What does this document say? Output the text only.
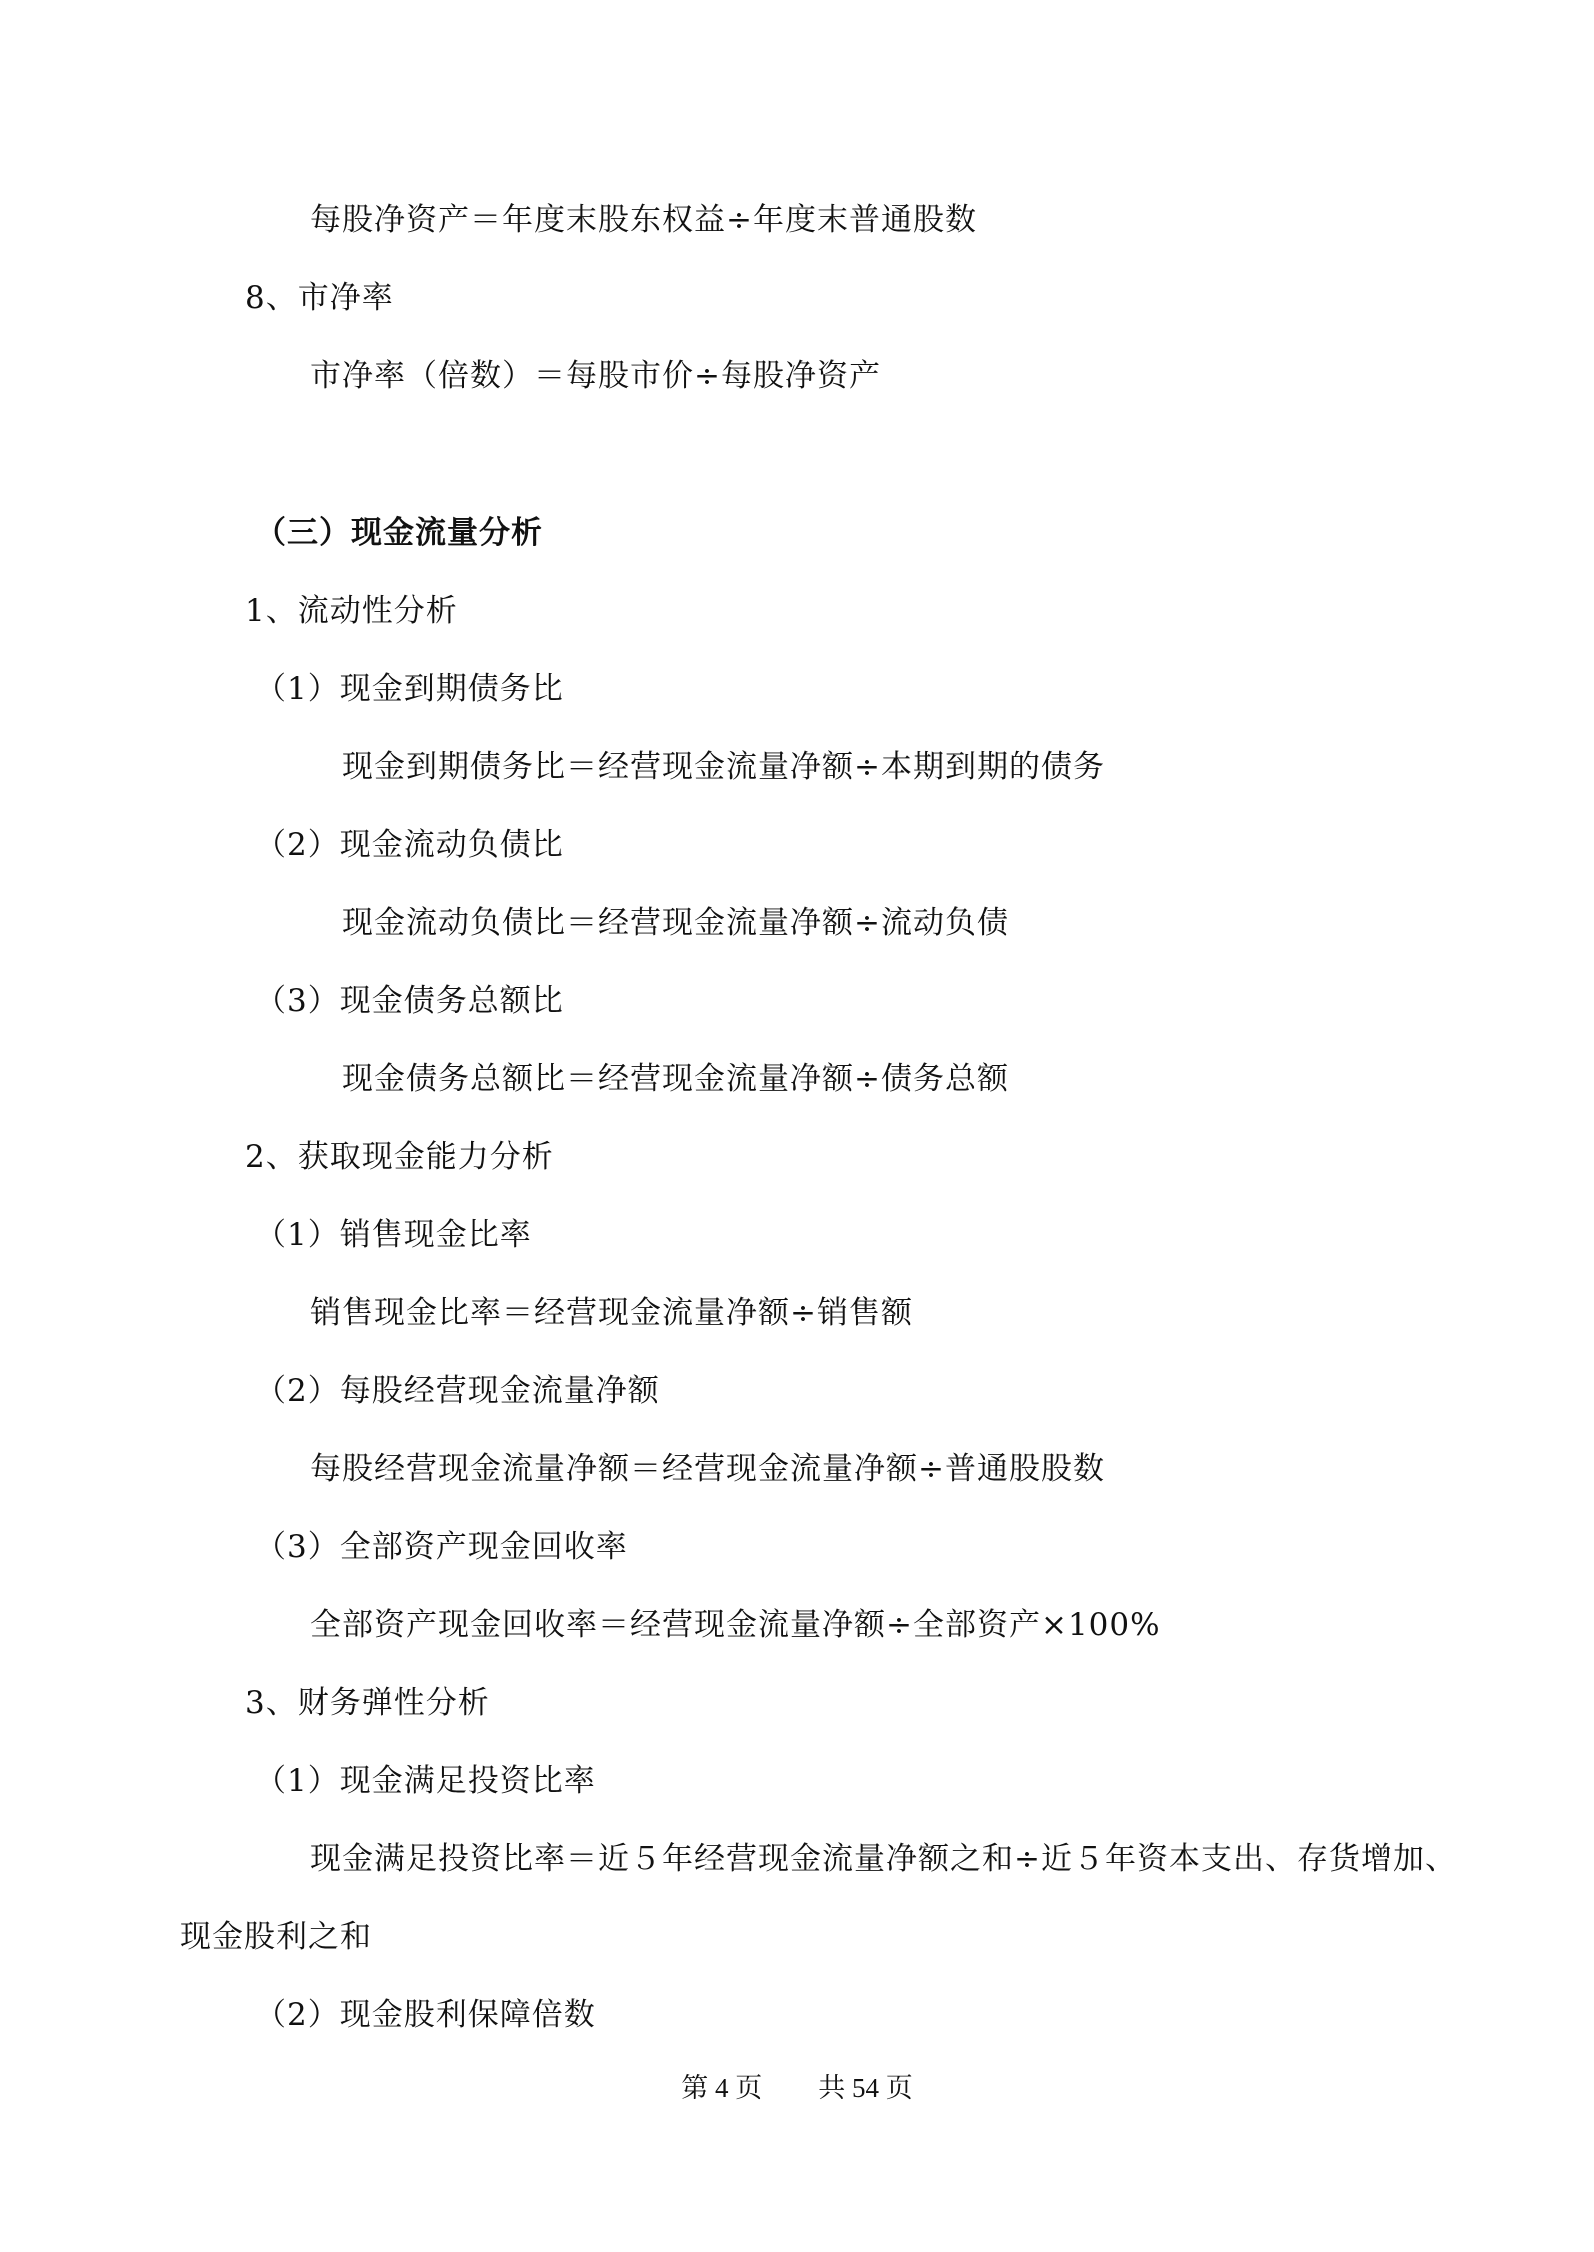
每股净资产＝年度末股东权益÷年度末普通股数
8、市净率
市净率（倍数）＝每股市价÷每股净资产
（三）现金流量分析
1、流动性分析
（1）现金到期债务比
现金到期债务比＝经营现金流量净额÷本期到期的债务
（2）现金流动负债比
现金流动负债比＝经营现金流量净额÷流动负债
（3）现金债务总额比
现金债务总额比＝经营现金流量净额÷债务总额
2、获取现金能力分析
（1）销售现金比率
销售现金比率＝经营现金流量净额÷销售额
（2）每股经营现金流量净额
每股经营现金流量净额＝经营现金流量净额÷普通股股数
（3）全部资产现金回收率
全部资产现金回收率＝经营现金流量净额÷全部资产×100%
3、财务弹性分析
（1）现金满足投资比率
现金满足投资比率＝近５年经营现金流量净额之和÷近５年资本支出、存货增加、
现金股利之和
（2）现金股利保障倍数
第 4 页 共 54 页
